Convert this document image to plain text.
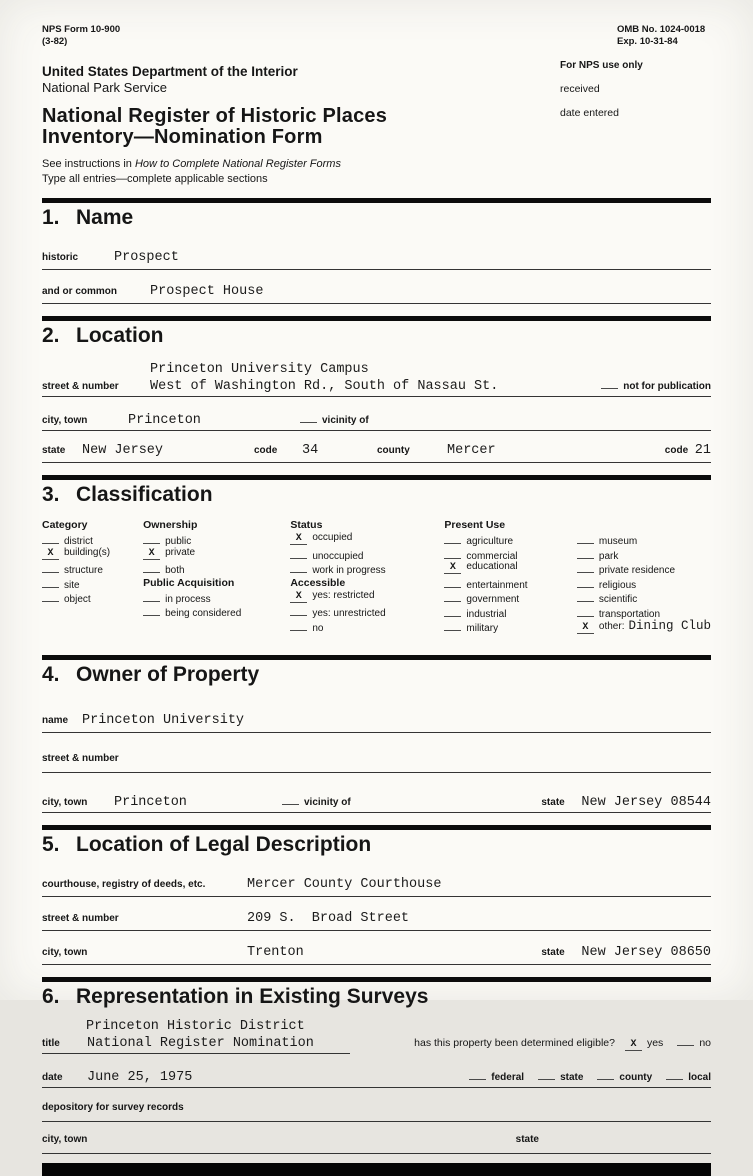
NPS Form 10-900
(3-82)
OMB No. 1024-0018
Exp. 10-31-84
United States Department of the Interior
National Park Service
For NPS use only
received
date entered
National Register of Historic Places
Inventory—Nomination Form
See instructions in How to Complete National Register Forms
Type all entries—complete applicable sections
1. Name
historic	Prospect
and or common	Prospect House
2. Location
Princeton University Campus
street & number	West of Washington Rd., South of Nassau St.	not for publication
city, town	Princeton	vicinity of
state	New Jersey	code	34	county	Mercer	code 21
3. Classification
Category
district
X	building(s)
structure
site
object
Ownership
public
X	private
both
Public Acquisition
in process
being considered
Status
X	occupied
unoccupied
work in progress
Accessible
X	yes: restricted
yes: unrestricted
no
Present Use
agriculture
commercial
X	educational
entertainment
government
industrial
military
museum
park
private residence
religious
scientific
transportation
X	other: Dining Club
4. Owner of Property
name	Princeton University
street & number
city, town	Princeton	vicinity of	state	New Jersey 08544
5. Location of Legal Description
courthouse, registry of deeds, etc.	Mercer County Courthouse
street & number	209 S.  Broad Street
city, town	Trenton	state	New Jersey 08650
6. Representation in Existing Surveys
Princeton Historic District
title	National Register Nomination	has this property been determined eligible?	X	yes	no
date	June 25, 1975	federal	state	county	local
depository for survey records
city, town	state
